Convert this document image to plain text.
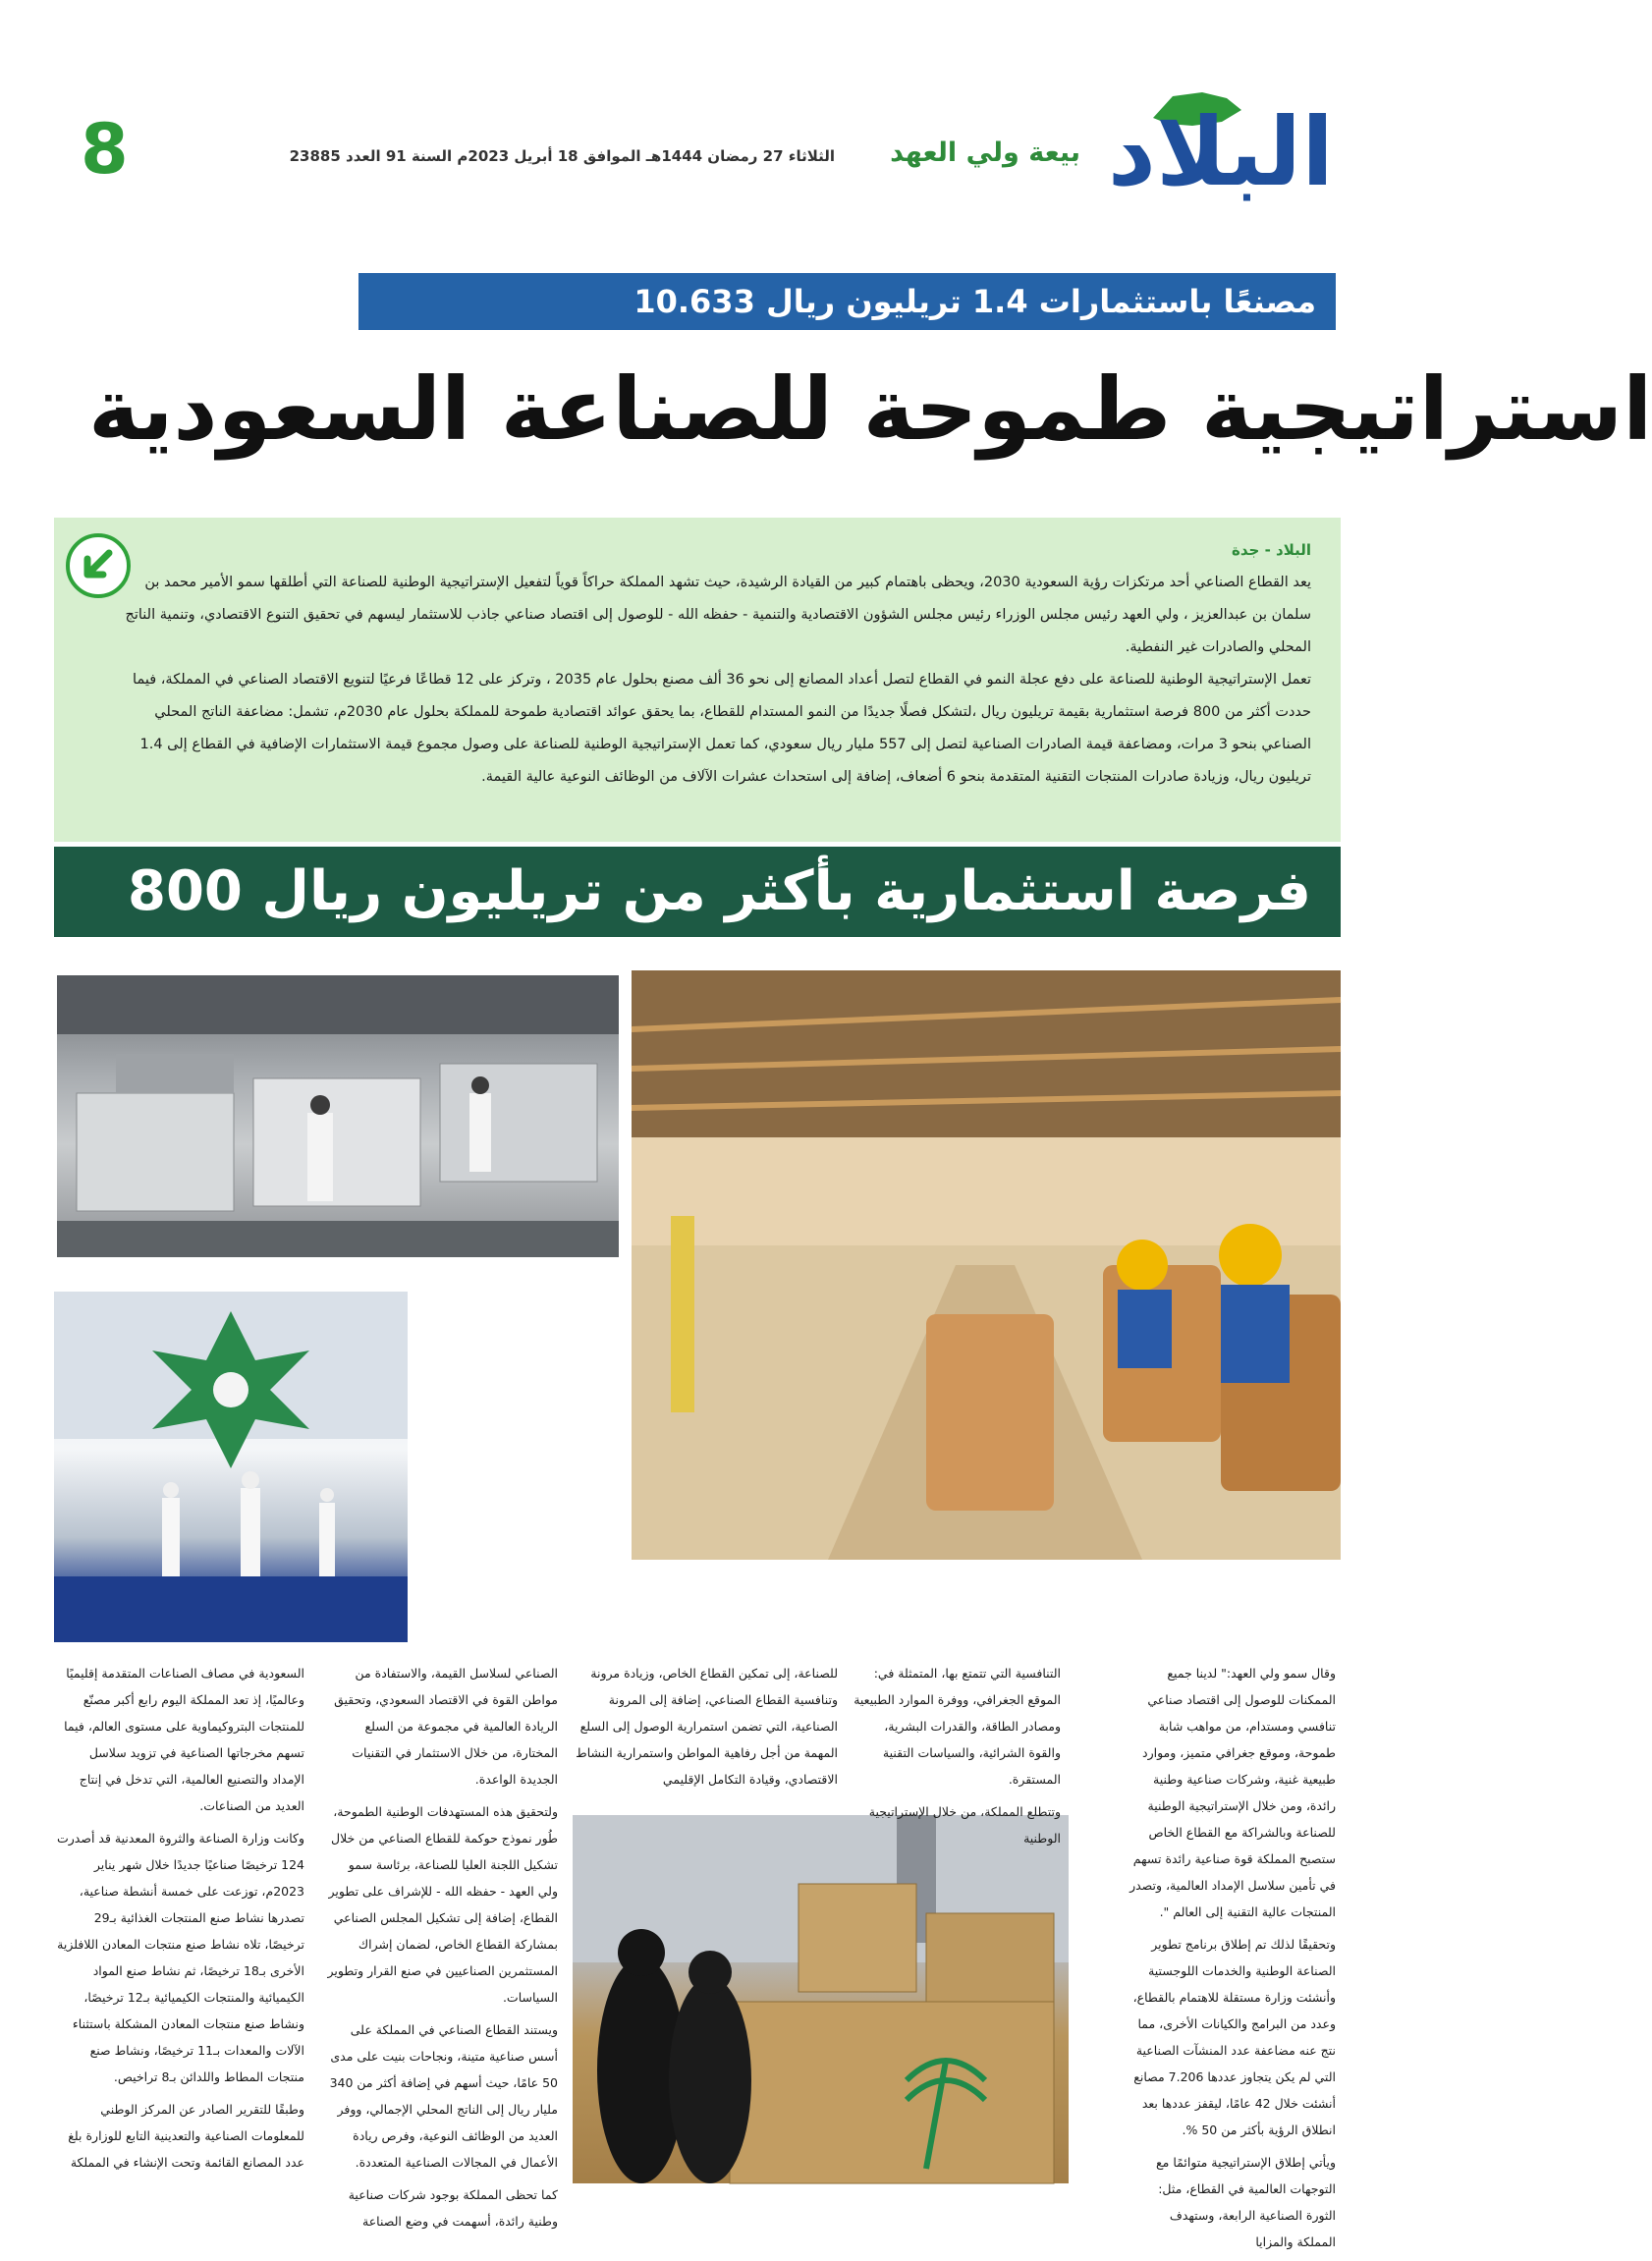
البلاد
بيعة ولي العهد
الثلاثاء 27 رمضان 1444هـ الموافق 18 أبريل 2023م السنة 91 العدد 23885
8
10.633 مصنعًا باستثمارات 1.4 تريليون ريال
استراتيجية طموحة للصناعة السعودية
البلاد - جدة

يعد القطاع الصناعي أحد مرتكزات رؤية السعودية 2030، ويحظى باهتمام كبير من القيادة الرشيدة، حيث تشهد المملكة حراكاً قوياً لتفعيل الإستراتيجية الوطنية للصناعة التي أطلقها سمو الأمير محمد بن سلمان بن عبدالعزيز ، ولي العهد رئيس مجلس الوزراء رئيس مجلس الشؤون الاقتصادية والتنمية - حفظه الله - للوصول إلى اقتصاد صناعي جاذب للاستثمار ليسهم في تحقيق التنوع الاقتصادي، وتنمية الناتج المحلي والصادرات غير النفطية.

تعمل الإستراتيجية الوطنية للصناعة على دفع عجلة النمو في القطاع لتصل أعداد المصانع إلى نحو 36 ألف مصنع بحلول عام 2035 ، وتركز على 12 قطاعًا فرعيًا لتنويع الاقتصاد الصناعي في المملكة، فيما حددت أكثر من 800 فرصة استثمارية بقيمة تريليون ريال ،لتشكل فصلًا جديدًا من النمو المستدام للقطاع، بما يحقق عوائد اقتصادية طموحة للمملكة بحلول عام 2030م، تشمل: مضاعفة الناتج المحلي الصناعي بنحو 3 مرات، ومضاعفة قيمة الصادرات الصناعية لتصل إلى 557 مليار ريال سعودي، كما تعمل الإستراتيجية الوطنية للصناعة على وصول مجموع قيمة الاستثمارات الإضافية في القطاع إلى 1.4 تريليون ريال، وزيادة صادرات المنتجات التقنية المتقدمة بنحو 6 أضعاف، إضافة إلى استحداث عشرات الآلاف من الوظائف النوعية عالية القيمة.

800 فرصة استثمارية بأكثر من تريليون ريال

وقال سمو ولي العهد:" لدينا جميع الممكنات للوصول إلى اقتصاد صناعي تنافسي ومستدام، من مواهب شابة طموحة، وموقع جغرافي متميز، وموارد طبيعية غنية، وشركات صناعية وطنية رائدة، ومن خلال الإستراتيجية الوطنية للصناعة وبالشراكة مع القطاع الخاص ستصبح المملكة قوة صناعية رائدة تسهم في تأمين سلاسل الإمداد العالمية، وتصدر المنتجات عالية التقنية إلى العالم ".

وتحقيقًا لذلك تم إطلاق برنامج تطوير الصناعة الوطنية والخدمات اللوجستية وأنشئت وزارة مستقلة للاهتمام بالقطاع، وعدد من البرامج والكيانات الأخرى، مما نتج عنه مضاعفة عدد المنشآت الصناعية التي لم يكن يتجاوز عددها 7.206 مصانع أنشئت خلال 42 عامًا، ليقفز عددها بعد انطلاق الرؤية بأكثر من 50 %.

ويأتي إطلاق الإستراتيجية متوائمًا مع التوجهات العالمية في القطاع، مثل: الثورة الصناعية الرابعة، وستهدف المملكة والمزايا

التنافسية التي تتمتع بها، المتمثلة في: الموقع الجغرافي، ووفرة الموارد الطبيعية ومصادر الطاقة، والقدرات البشرية، والقوة الشرائية، والسياسات التقنية المستقرة.

وتتطلع المملكة، من خلال الإستراتيجية الوطنية

للصناعة، إلى تمكين القطاع الخاص، وزيادة مرونة وتنافسية القطاع الصناعي، إضافة إلى المرونة الصناعية، التي تضمن استمرارية الوصول إلى السلع المهمة من أجل رفاهية المواطن واستمرارية النشاط الاقتصادي، وقيادة التكامل الإقليمي

الصناعي لسلاسل القيمة، والاستفادة من مواطن القوة في الاقتصاد السعودي، وتحقيق الريادة العالمية في مجموعة من السلع المختارة، من خلال الاستثمار في التقنيات الجديدة الواعدة.

ولتحقيق هذه المستهدفات الوطنية الطموحة، طُور نموذج حوكمة للقطاع الصناعي من خلال تشكيل اللجنة العليا للصناعة، برئاسة سمو ولي العهد - حفظه الله - للإشراف على تطوير القطاع، إضافة إلى تشكيل المجلس الصناعي بمشاركة القطاع الخاص، لضمان إشراك المستثمرين الصناعيين في صنع القرار وتطوير السياسات.

ويستند القطاع الصناعي في المملكة على أسس صناعية متينة، ونجاحات بنيت على مدى 50 عامًا، حيث أسهم في إضافة أكثر من 340 مليار ريال إلى الناتج المحلي الإجمالي، ووفر العديد من الوظائف النوعية، وفرص ريادة الأعمال في المجالات الصناعية المتعددة.

كما تحظى المملكة بوجود شركات صناعية وطنية رائدة، أسهمت في وضع الصناعة

السعودية في مصاف الصناعات المتقدمة إقليميًا وعالميًا، إذ تعد المملكة اليوم رابع أكبر مصنّع للمنتجات البتروكيماوية على مستوى العالم، فيما تسهم مخرجاتها الصناعية في تزويد سلاسل الإمداد والتصنيع العالمية، التي تدخل في إنتاج العديد من الصناعات.

وكانت وزارة الصناعة والثروة المعدنية قد أصدرت 124 ترخيصًا صناعيًا جديدًا خلال شهر يناير 2023م، توزعت على خمسة أنشطة صناعية، تصدرها نشاط صنع المنتجات الغذائية بـ29 ترخيصًا، تلاه نشاط صنع منتجات المعادن اللافلزية الأخرى بـ18 ترخيصًا، ثم نشاط صنع المواد الكيميائية والمنتجات الكيميائية بـ12 ترخيصًا، ونشاط صنع منتجات المعادن المشكلة باستثناء الآلات والمعدات بـ11 ترخيصًا، ونشاط صنع منتجات المطاط واللدائن بـ8 تراخيص.

وطبقًا للتقرير الصادر عن المركز الوطني للمعلومات الصناعية والتعدينية التابع للوزارة بلغ عدد المصانع القائمة وتحت الإنشاء في المملكة
